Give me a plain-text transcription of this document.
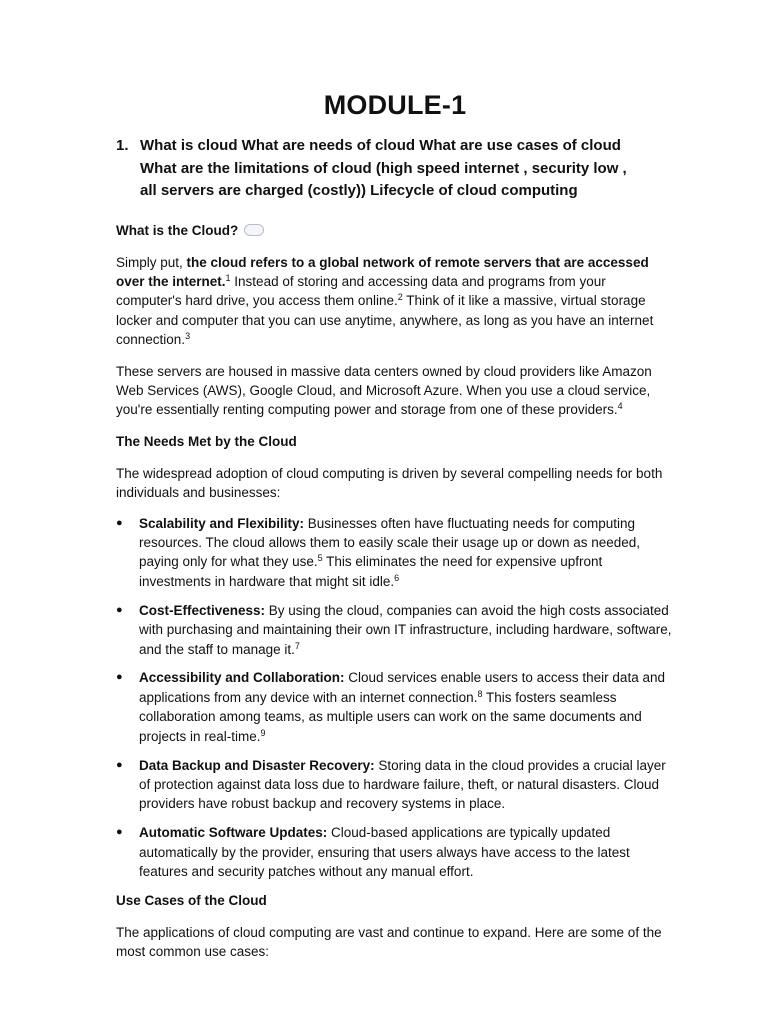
MODULE-1
1. What is cloud What are needs of cloud What are use cases of cloud
What are the limitations of cloud (high speed internet , security low ,
all servers are charged (costly)) Lifecycle of cloud computing
What is the Cloud?

Simply put, the cloud refers to a global network of remote servers that are accessed over the internet.$^1$ Instead of storing and accessing data and programs from your computer's hard drive, you access them online.$^2$ Think of it like a massive, virtual storage locker and computer that you can use anytime, anywhere, as long as you have an internet connection.$^3$

These servers are housed in massive data centers owned by cloud providers like Amazon Web Services (AWS), Google Cloud, and Microsoft Azure. When you use a cloud service, you're essentially renting computing power and storage from one of these providers.$^4$

The Needs Met by the Cloud

The widespread adoption of cloud computing is driven by several compelling needs for both individuals and businesses:

● Scalability and Flexibility: Businesses often have fluctuating needs for computing resources. The cloud allows them to easily scale their usage up or down as needed, paying only for what they use.$^5$ This eliminates the need for expensive upfront investments in hardware that might sit idle.$^6$
● Cost-Effectiveness: By using the cloud, companies can avoid the high costs associated with purchasing and maintaining their own IT infrastructure, including hardware, software, and the staff to manage it.$^7$
● Accessibility and Collaboration: Cloud services enable users to access their data and applications from any device with an internet connection.$^8$ This fosters seamless collaboration among teams, as multiple users can work on the same documents and projects in real-time.$^9$
● Data Backup and Disaster Recovery: Storing data in the cloud provides a crucial layer of protection against data loss due to hardware failure, theft, or natural disasters. Cloud providers have robust backup and recovery systems in place.
● Automatic Software Updates: Cloud-based applications are typically updated automatically by the provider, ensuring that users always have access to the latest features and security patches without any manual effort.
Use Cases of the Cloud

The applications of cloud computing are vast and continue to expand. Here are some of the most common use cases:
